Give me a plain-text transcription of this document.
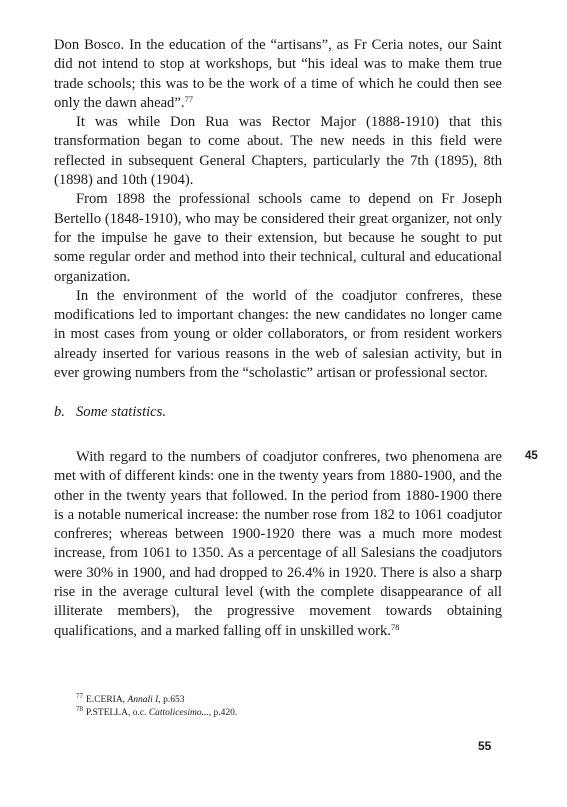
Don Bosco. In the education of the “artisans”, as Fr Ceria notes, our Saint did not intend to stop at workshops, but “his ideal was to make them true trade schools; this was to be the work of a time of which he could then see only the dawn ahead”.$^{77}$

It was while Don Rua was Rector Major (1888-1910) that this transformation began to come about. The new needs in this field were reflected in subsequent General Chapters, particularly the 7th (1895), 8th (1898) and 10th (1904).

From 1898 the professional schools came to depend on Fr Joseph Bertello (1848-1910), who may be considered their great organizer, not only for the impulse he gave to their extension, but because he sought to put some regular order and method into their technical, cultural and educational organization.

In the environment of the world of the coadjutor confreres, these modifications led to important changes: the new candidates no longer came in most cases from young or older collaborators, or from resident workers already inserted for various reasons in the web of salesian activity, but in ever growing numbers from the “scholastic” artisan or professional sector.

b. Some statistics.

With regard to the numbers of coadjutor confreres, two phenomena are met with of different kinds: one in the twenty years from 1880-1900, and the other in the twenty years that followed. In the period from 1880-1900 there is a notable numerical increase: the number rose from 182 to 1061 coadjutor confreres; whereas between 1900-1920 there was a much more modest increase, from 1061 to 1350. As a percentage of all Salesians the coadjutors were 30% in 1900, and had dropped to 26.4% in 1920. There is also a sharp rise in the average cultural level (with the complete disappearance of all illiterate members), the progressive movement towards obtaining qualifications, and a marked falling off in unskilled work.$^{78}$

45
$^{77}$ E.CERIA, Annali I, p.653
$^{78}$ P.STELLA, o.c. Cattolicesimo..., p.420.
55
